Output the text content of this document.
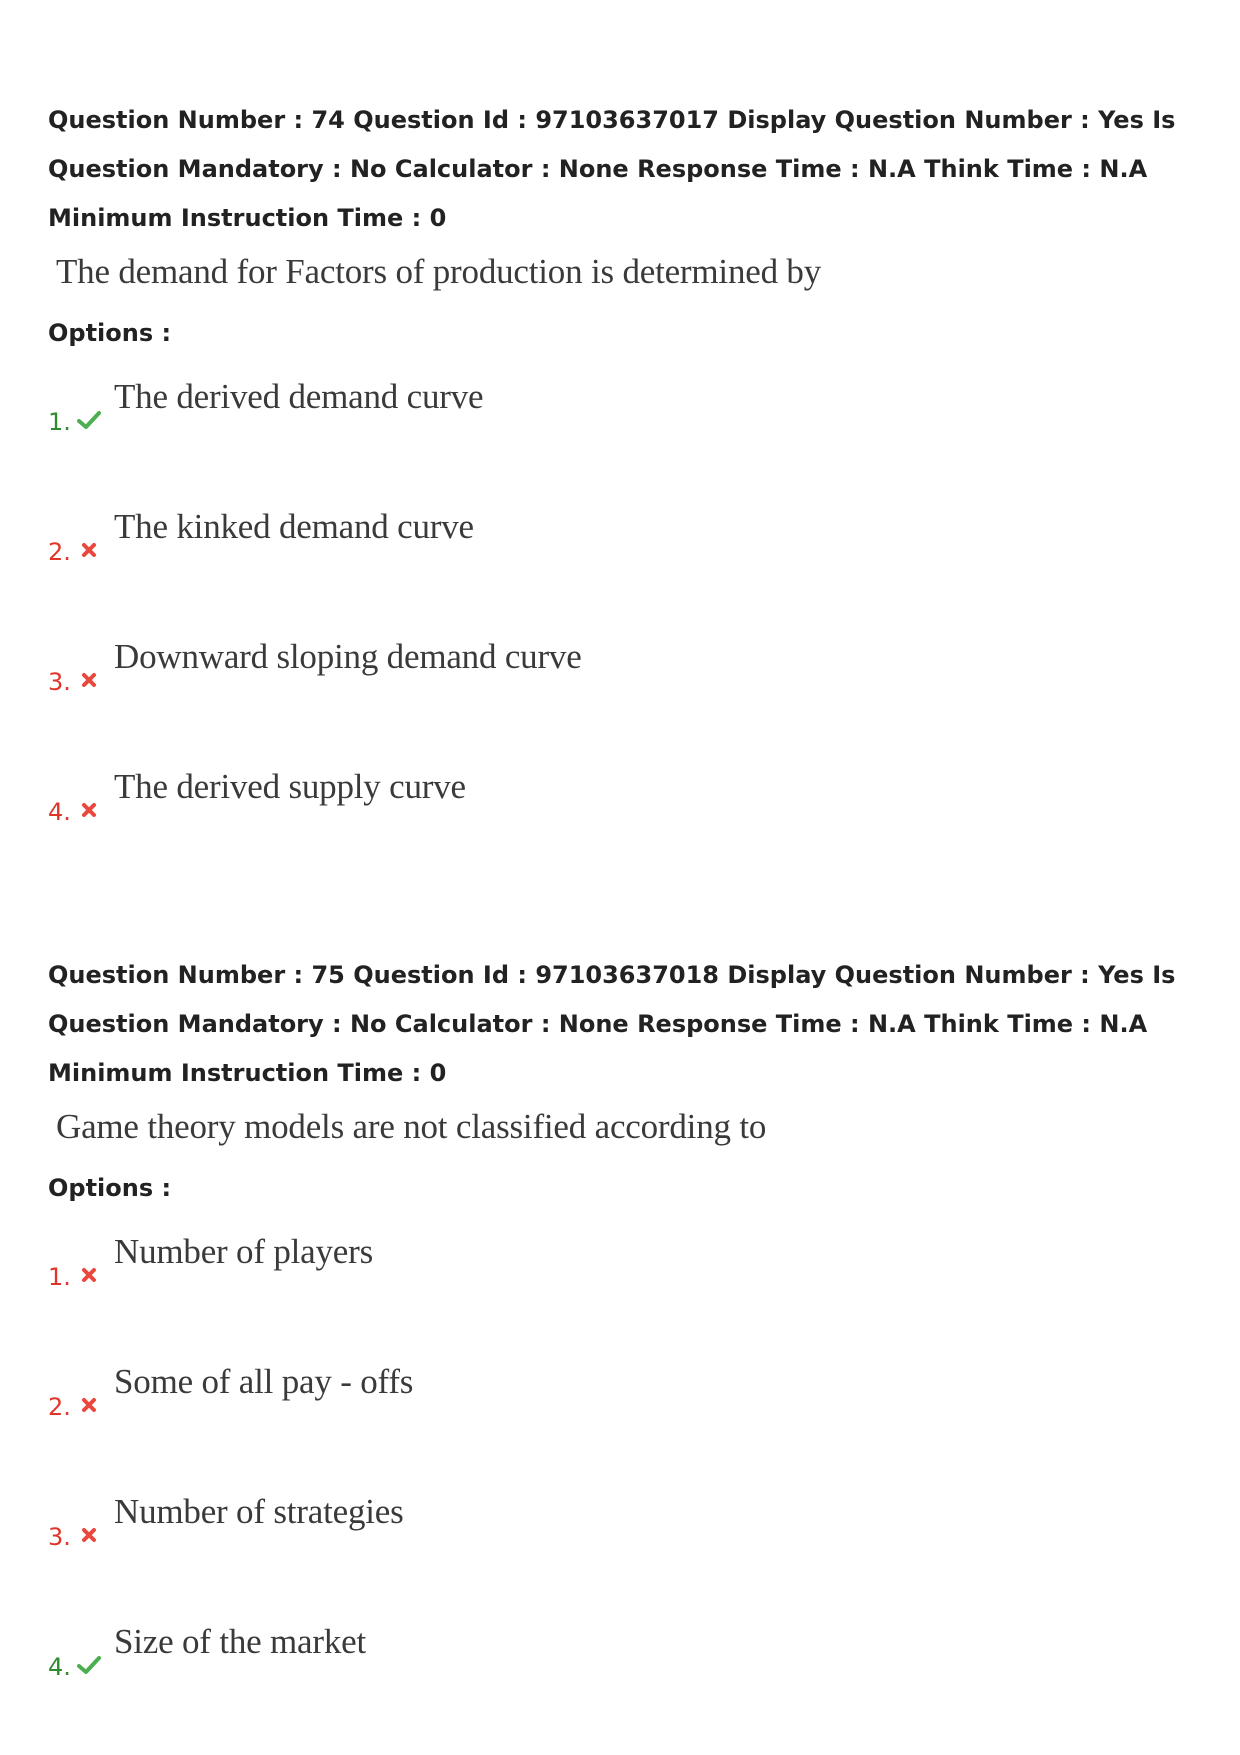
Question Number : 74 Question Id : 97103637017 Display Question Number : Yes Is Question Mandatory : No Calculator : None Response Time : N.A Think Time : N.A Minimum Instruction Time : 0

The demand for Factors of production is determined by

Options :

1.
The derived demand curve
2.
The kinked demand curve
3.
Downward sloping demand curve
4.
The derived supply curve

Question Number : 75 Question Id : 97103637018 Display Question Number : Yes Is Question Mandatory : No Calculator : None Response Time : N.A Think Time : N.A Minimum Instruction Time : 0

Game theory models are not classified according to

Options :

1.
Number of players
2.
Some of all pay - offs
3.
Number of strategies
4.
Size of the market
